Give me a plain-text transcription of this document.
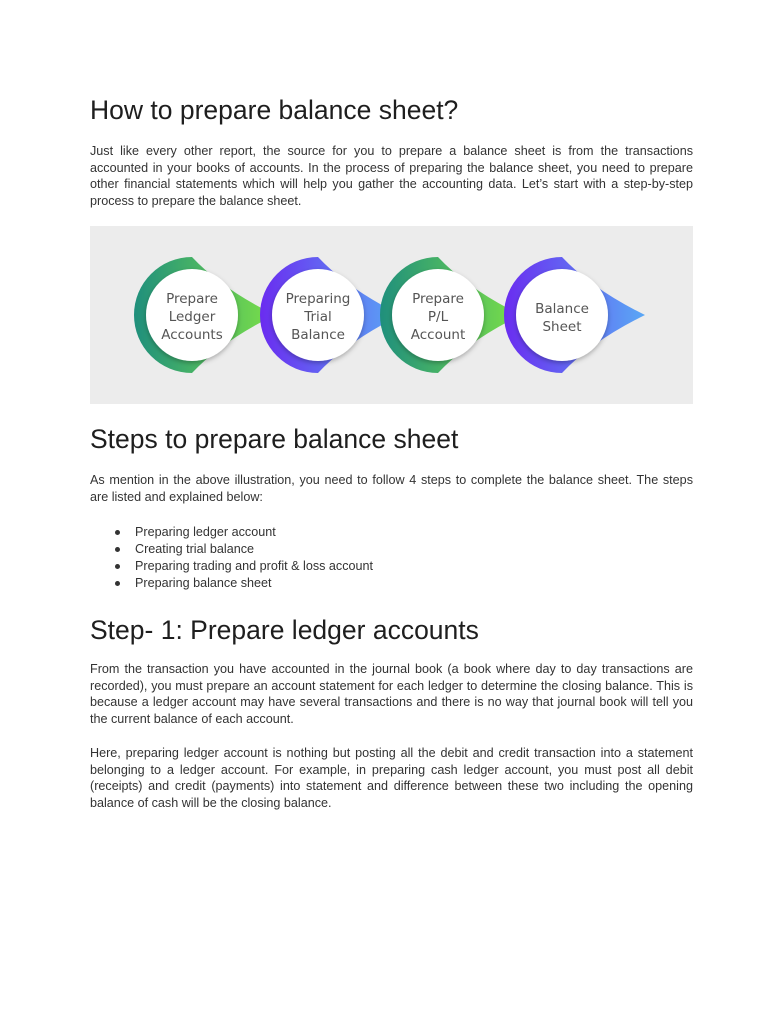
How to prepare balance sheet?

Just like every other report, the source for you to prepare a balance sheet is from the transactions accounted in your books of accounts. In the process of preparing the balance sheet, you need to prepare other financial statements which will help you gather the accounting data. Let’s start with a step-by-step process to prepare the balance sheet.

Prepare
Ledger
Accounts
Preparing
Trial
Balance
Prepare
P/L
Account
Balance
Sheet
Steps to prepare balance sheet

As mention in the above illustration, you need to follow 4 steps to complete the balance sheet. The steps are listed and explained below:

Preparing ledger account
Creating trial balance
Preparing trading and profit & loss account
Preparing balance sheet
Step- 1: Prepare ledger accounts

From the transaction you have accounted in the journal book (a book where day to day transactions are recorded), you must prepare an account statement for each ledger to determine the closing balance. This is because a ledger account may have several transactions and there is no way that journal book will tell you the current balance of each account.

Here, preparing ledger account is nothing but posting all the debit and credit transaction into a statement belonging to a ledger account. For example, in preparing cash ledger account, you must post all debit (receipts) and credit (payments) into statement and difference between these two including the opening balance of cash will be the closing balance.
